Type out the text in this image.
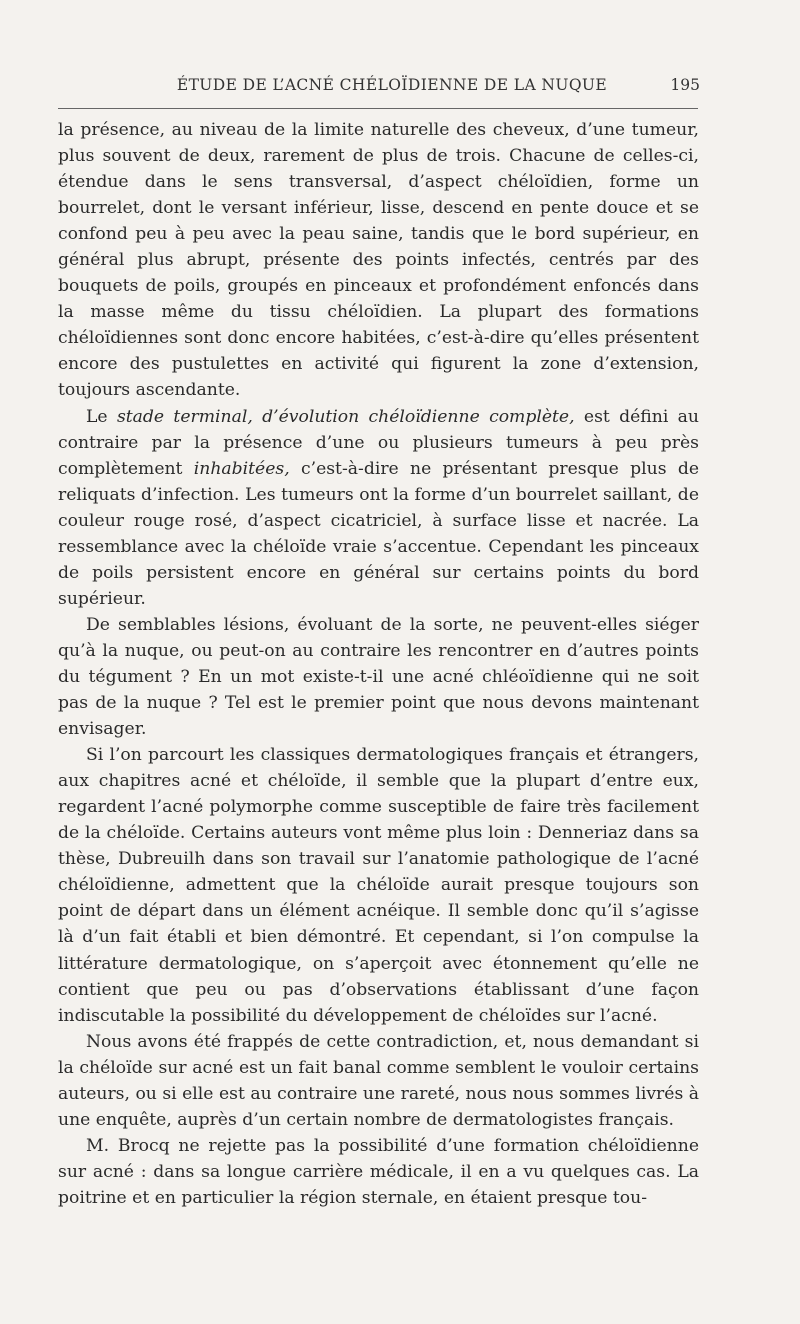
ÉTUDE DE L’ACNÉ CHÉLOÏDIENNE DE LA NUQUE	195

la présence, au niveau de la limite naturelle des cheveux, d’une tumeur, plus souvent de deux, rarement de plus de trois. Chacune de celles-ci, étendue dans le sens transversal, d’aspect chéloïdien, forme un bourrelet, dont le versant inférieur, lisse, descend en pente douce et se confond peu à peu avec la peau saine, tandis que le bord supérieur, en général plus abrupt, présente des points infectés, centrés par des bouquets de poils, groupés en pinceaux et profondément enfoncés dans la masse même du tissu chéloïdien. La plupart des formations chéloïdiennes sont donc encore habitées, c’est-à-dire qu’elles présentent encore des pustulettes en activité qui figurent la zone d’extension, toujours ascendante.

Le stade terminal, d’évolution chéloïdienne complète, est défini au contraire par la présence d’une ou plusieurs tumeurs à peu près complètement inhabitées, c’est-à-dire ne présentant presque plus de reliquats d’infection. Les tumeurs ont la forme d’un bourrelet saillant, de couleur rouge rosé, d’aspect cicatriciel, à surface lisse et nacrée. La ressemblance avec la chéloïde vraie s’accentue. Cependant les pinceaux de poils persistent encore en général sur certains points du bord supérieur.

De semblables lésions, évoluant de la sorte, ne peuvent-elles siéger qu’à la nuque, ou peut-on au contraire les rencontrer en d’autres points du tégument ? En un mot existe-t-il une acné chléoïdienne qui ne soit pas de la nuque ? Tel est le premier point que nous devons maintenant envisager.

Si l’on parcourt les classiques dermatologiques français et étrangers, aux chapitres acné et chéloïde, il semble que la plupart d’entre eux, regardent l’acné polymorphe comme susceptible de faire très facilement de la chéloïde. Certains auteurs vont même plus loin : Denneriaz dans sa thèse, Dubreuilh dans son travail sur l’anatomie pathologique de l’acné chéloïdienne, admettent que la chéloïde aurait presque toujours son point de départ dans un élément acnéique. Il semble donc qu’il s’agisse là d’un fait établi et bien démontré. Et cependant, si l’on compulse la littérature dermatologique, on s’aperçoit avec étonnement qu’elle ne contient que peu ou pas d’observations établissant d’une façon indiscutable la possibilité du développement de chéloïdes sur l’acné.

Nous avons été frappés de cette contradiction, et, nous demandant si la chéloïde sur acné est un fait banal comme semblent le vouloir certains auteurs, ou si elle est au contraire une rareté, nous nous sommes livrés à une enquête, auprès d’un certain nombre de dermatologistes français.

M. Brocq ne rejette pas la possibilité d’une formation chéloïdienne sur acné : dans sa longue carrière médicale, il en a vu quelques cas. La poitrine et en particulier la région sternale, en étaient presque tou-
